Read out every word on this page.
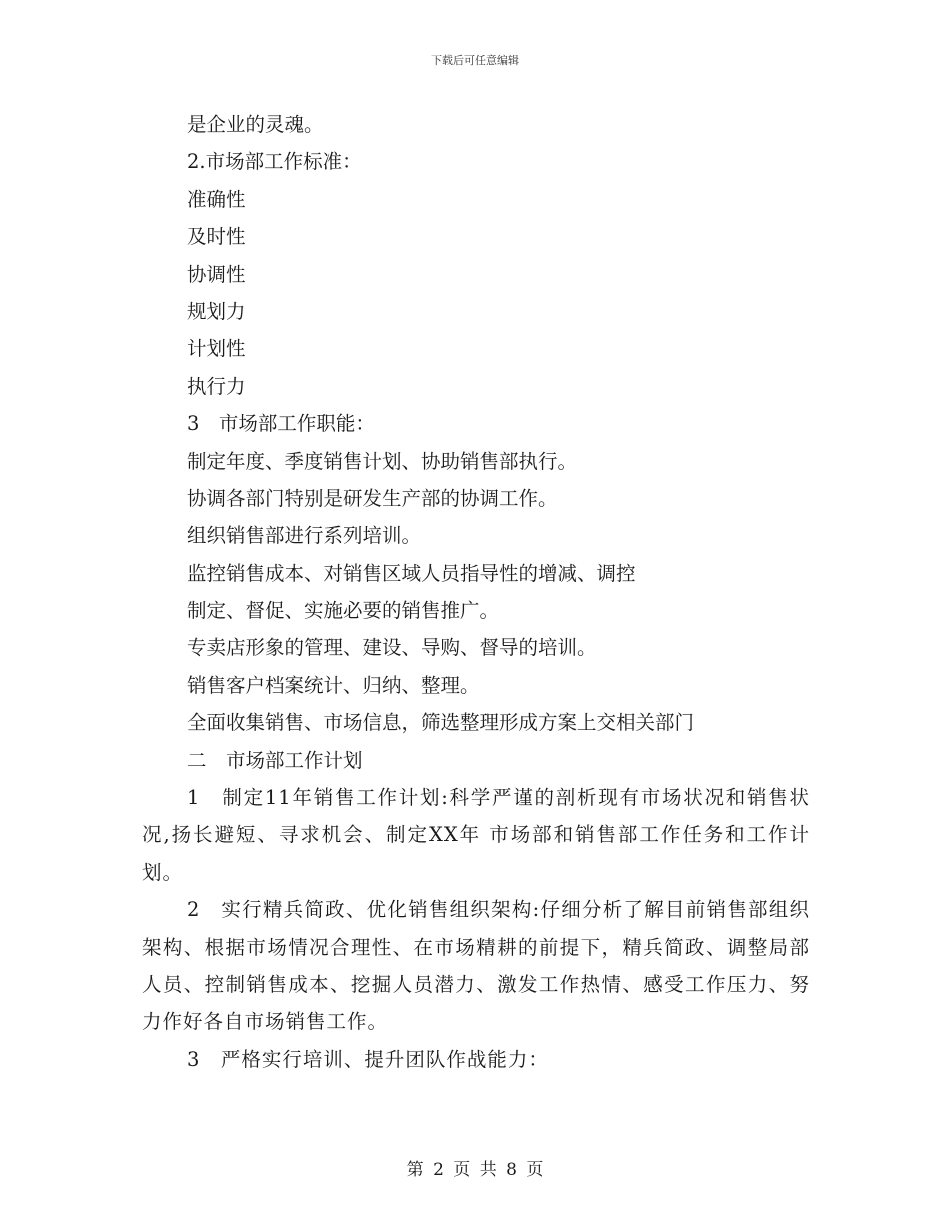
下载后可任意编辑
是企业的灵魂。
2.市场部工作标准：
准确性
及时性
协调性
规划力
计划性
执行力
3　市场部工作职能：
制定年度、季度销售计划、协助销售部执行。
协调各部门特别是研发生产部的协调工作。
组织销售部进行系列培训。
监控销售成本、对销售区域人员指导性的增减、调控
制定、督促、实施必要的销售推广。
专卖店形象的管理、建设、导购、督导的培训。
销售客户档案统计、归纳、整理。
全面收集销售、市场信息，筛选整理形成方案上交相关部门
二　市场部工作计划
1　制定11年销售工作计划:科学严谨的剖析现有市场状况和销售状况,扬长避短、寻求机会、制定XX年 市场部和销售部工作任务和工作计划。
2　实行精兵简政、优化销售组织架构:仔细分析了解目前销售部组织架构、根据市场情况合理性、在市场精耕的前提下，精兵简政、调整局部人员、控制销售成本、挖掘人员潜力、激发工作热情、感受工作压力、努力作好各自市场销售工作。
3　严格实行培训、提升团队作战能力：
第 2 页 共 8 页
